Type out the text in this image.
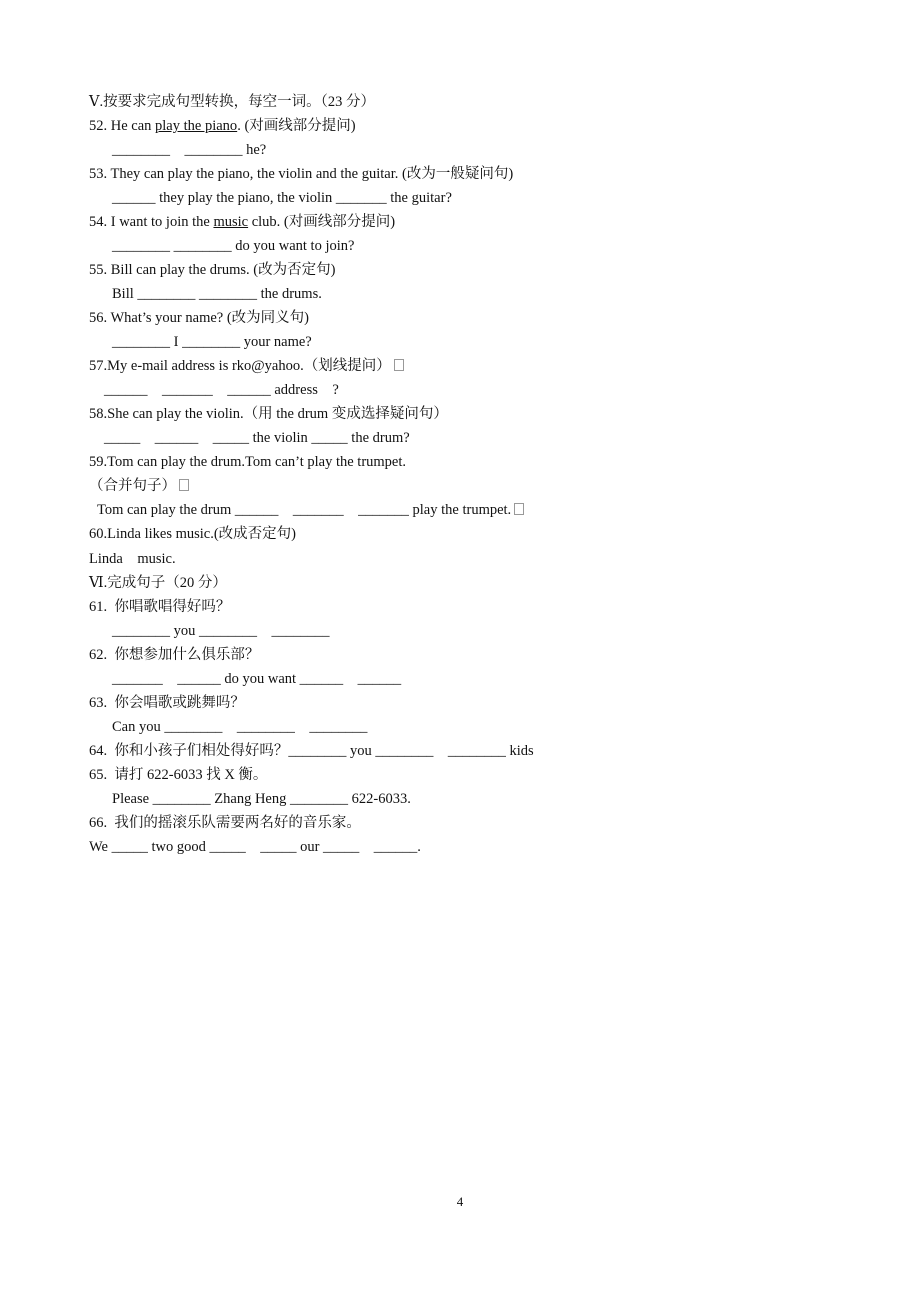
Ⅴ.按要求完成句型转换，每空一词。（23 分）
52. He can play the piano. (对画线部分提问)
________    ________ he?
53. They can play the piano, the violin and the guitar. (改为一般疑问句)
______ they play the piano, the violin _______ the guitar?
54. I want to join the music club. (对画线部分提问)
________ ________ do you want to join?
55. Bill can play the drums. (改为否定句)
Bill ________ ________ the drums.
56. What’s your name? (改为同义句)
________ I ________ your name?
57.My e-mail address is rko@yahoo.（划线提问）
______    _______    ______ address    ?
58.She can play the violin.（用 the drum 变成选择疑问句）
_____    ______    _____ the violin _____ the drum?
59.Tom can play the drum.Tom can’t play the trumpet.
（合并句子）
Tom can play the drum ______    _______    _______ play the trumpet.
60.Linda likes music.(改成否定句)
Linda    music.
Ⅵ.完成句子（20 分）
61.  你唱歌唱得好吗？
________ you ________    ________
62.  你想参加什么俱乐部？
_______    ______ do you want ______    ______
63.  你会唱歌或跳舞吗？
Can you ________    ________    ________
64.  你和小孩子们相处得好吗？________ you ________    ________ kids
65.  请打 622-6033 找 X 衡。
Please ________ Zhang Heng ________ 622-6033.
66.  我们的摇滚乐队需要两名好的音乐家。
We _____ two good _____    _____ our _____    ______.
4
